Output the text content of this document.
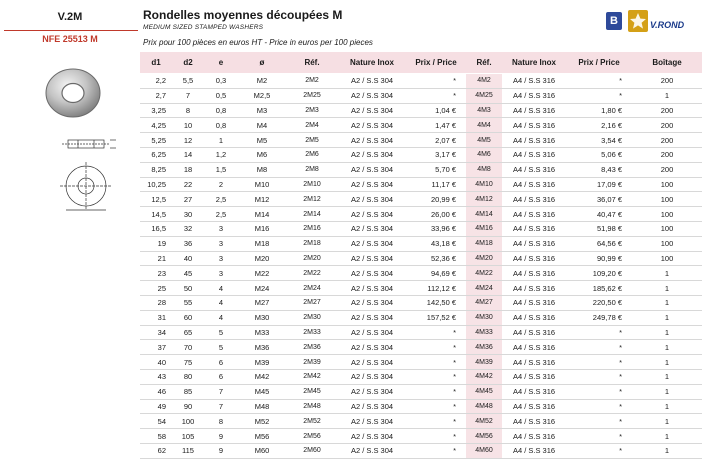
V.2M
NFE 25513 M
Rondelles moyennes découpées M
MEDIUM SIZED STAMPED WASHERS
Prix pour 100 pièces en euros HT - Price in euros per 100 pieces
B	V.ROND
d1	d2	e	ø	Réf.	Nature Inox	Prix / Price	Réf.	Nature Inox	Prix / Price	Boîtage
2,2	5,5	0,3	M2	2M2	A2 / S.S 304	*	4M2	A4 / S.S 316	*	200
2,7	7	0,5	M2,5	2M25	A2 / S.S 304	*	4M25	A4 / S.S 316	*	1
3,25	8	0,8	M3	2M3	A2 / S.S 304	1,04 €	4M3	A4 / S.S 316	1,80 €	200
4,25	10	0,8	M4	2M4	A2 / S.S 304	1,47 €	4M4	A4 / S.S 316	2,16 €	200
5,25	12	1	M5	2M5	A2 / S.S 304	2,07 €	4M5	A4 / S.S 316	3,54 €	200
6,25	14	1,2	M6	2M6	A2 / S.S 304	3,17 €	4M6	A4 / S.S 316	5,06 €	200
8,25	18	1,5	M8	2M8	A2 / S.S 304	5,70 €	4M8	A4 / S.S 316	8,43 €	200
10,25	22	2	M10	2M10	A2 / S.S 304	11,17 €	4M10	A4 / S.S 316	17,09 €	100
12,5	27	2,5	M12	2M12	A2 / S.S 304	20,99 €	4M12	A4 / S.S 316	36,07 €	100
14,5	30	2,5	M14	2M14	A2 / S.S 304	26,00 €	4M14	A4 / S.S 316	40,47 €	100
16,5	32	3	M16	2M16	A2 / S.S 304	33,96 €	4M16	A4 / S.S 316	51,98 €	100
19	36	3	M18	2M18	A2 / S.S 304	43,18 €	4M18	A4 / S.S 316	64,56 €	100
21	40	3	M20	2M20	A2 / S.S 304	52,36 €	4M20	A4 / S.S 316	90,99 €	100
23	45	3	M22	2M22	A2 / S.S 304	94,69 €	4M22	A4 / S.S 316	109,20 €	1
25	50	4	M24	2M24	A2 / S.S 304	112,12 €	4M24	A4 / S.S 316	185,62 €	1
28	55	4	M27	2M27	A2 / S.S 304	142,50 €	4M27	A4 / S.S 316	220,50 €	1
31	60	4	M30	2M30	A2 / S.S 304	157,52 €	4M30	A4 / S.S 316	249,78 €	1
34	65	5	M33	2M33	A2 / S.S 304	*	4M33	A4 / S.S 316	*	1
37	70	5	M36	2M36	A2 / S.S 304	*	4M36	A4 / S.S 316	*	1
40	75	6	M39	2M39	A2 / S.S 304	*	4M39	A4 / S.S 316	*	1
43	80	6	M42	2M42	A2 / S.S 304	*	4M42	A4 / S.S 316	*	1
46	85	7	M45	2M45	A2 / S.S 304	*	4M45	A4 / S.S 316	*	1
49	90	7	M48	2M48	A2 / S.S 304	*	4M48	A4 / S.S 316	*	1
54	100	8	M52	2M52	A2 / S.S 304	*	4M52	A4 / S.S 316	*	1
58	105	9	M56	2M56	A2 / S.S 304	*	4M56	A4 / S.S 316	*	1
62	115	9	M60	2M60	A2 / S.S 304	*	4M60	A4 / S.S 316	*	1
